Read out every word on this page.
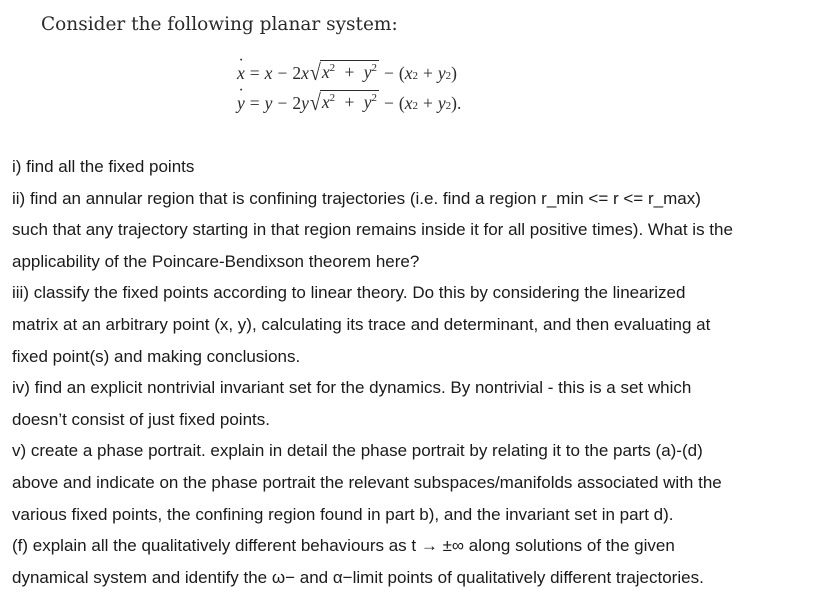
Consider the following planar system:
· x = x − 2 x √ $x^2 + y^2$ − ( x 2 + y 2 )
· y = y − 2 y √ $x^2 + y^2$ − ( x 2 + y 2 ).
i) find all the fixed points
ii) find an annular region that is confining trajectories (i.e. find a region r_min <= r <= r_max)
such that any trajectory starting in that region remains inside it for all positive times). What is the
applicability of the Poincare-Bendixson theorem here?
iii) classify the fixed points according to linear theory. Do this by considering the linearized
matrix at an arbitrary point (x, y), calculating its trace and determinant, and then evaluating at
fixed point(s) and making conclusions.
iv) find an explicit nontrivial invariant set for the dynamics. By nontrivial - this is a set which
doesn’t consist of just fixed points.
v) create a phase portrait. explain in detail the phase portrait by relating it to the parts (a)-(d)
above and indicate on the phase portrait the relevant subspaces/manifolds associated with the
various fixed points, the confining region found in part b), and the invariant set in part d).
(f) explain all the qualitatively different behaviours as t → ±∞ along solutions of the given
dynamical system and identify the ω− and α−limit points of qualitatively different trajectories.
